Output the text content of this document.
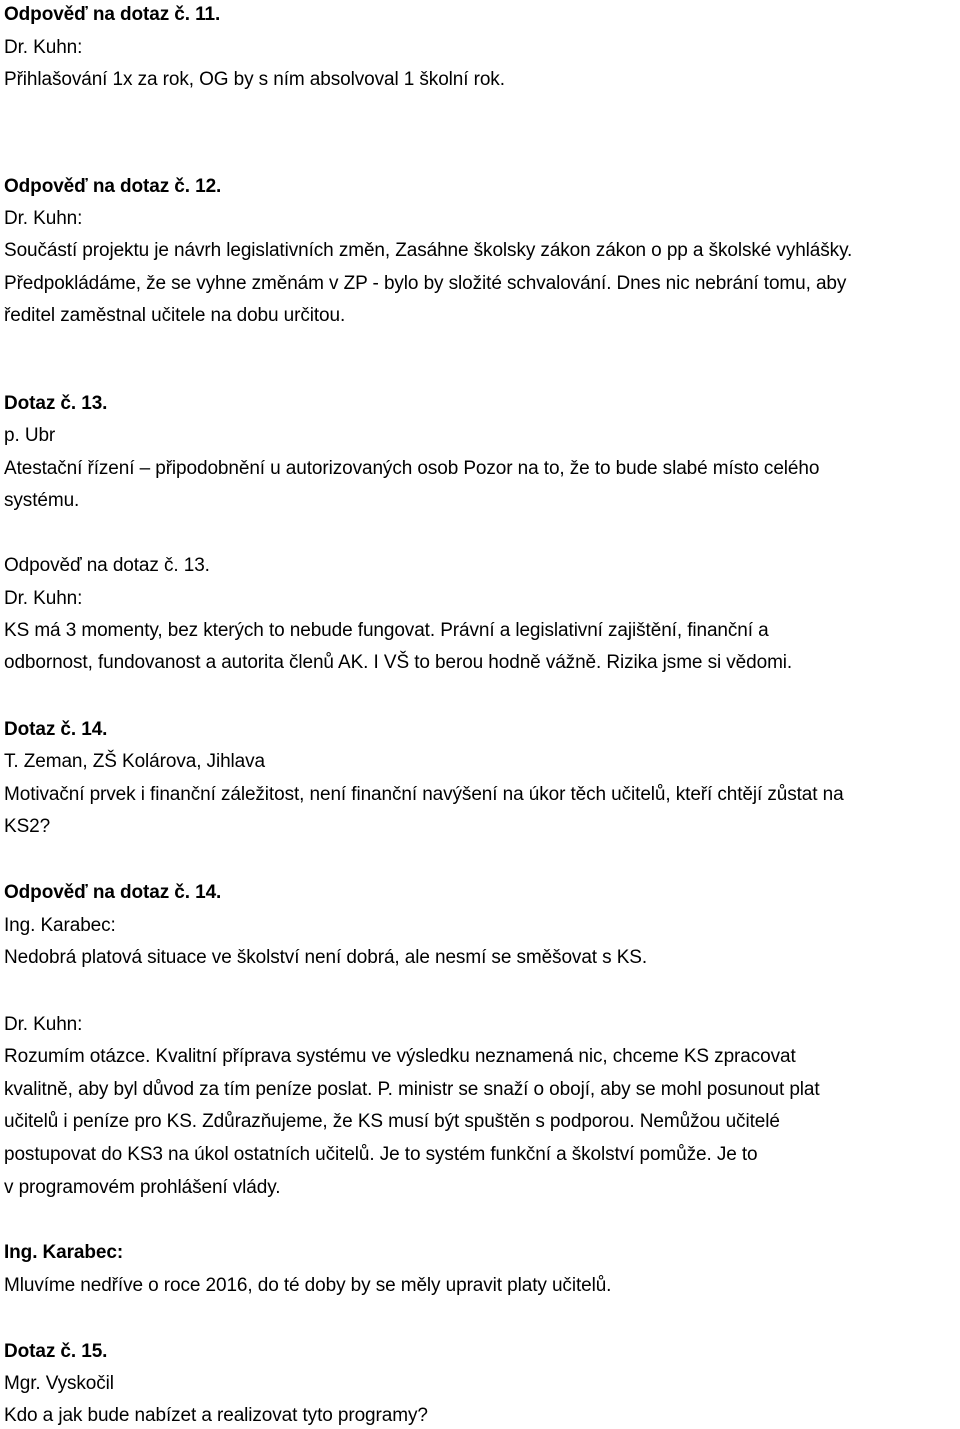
Odpověď na dotaz č. 11.
Dr. Kuhn:
Přihlašování 1x za rok, OG by s ním absolvoval 1 školní rok.
Odpověď na dotaz č. 12.
Dr. Kuhn:
Součástí projektu je návrh legislativních změn, Zasáhne školsky zákon zákon o pp a školské vyhlášky.
Předpokládáme, že se vyhne změnám v ZP - bylo by složité schvalování. Dnes nic nebrání tomu, aby
ředitel zaměstnal učitele na dobu určitou.
Dotaz č. 13.
p. Ubr
Atestační řízení – připodobnění u autorizovaných osob Pozor na to, že to bude slabé místo celého
systému.
Odpověď na dotaz č. 13.
Dr. Kuhn:
KS má 3 momenty, bez kterých to nebude fungovat. Právní a legislativní zajištění, finanční a
odbornost, fundovanost a autorita členů AK. I VŠ to berou hodně vážně. Rizika jsme si vědomi.
Dotaz č. 14.
T. Zeman, ZŠ Kolárova, Jihlava
Motivační prvek i finanční záležitost, není finanční navýšení na úkor těch učitelů, kteří chtějí zůstat na
KS2?
Odpověď na dotaz č. 14.
Ing. Karabec:
Nedobrá platová situace ve školství není dobrá, ale nesmí se směšovat s KS.
Dr. Kuhn:
Rozumím otázce. Kvalitní příprava systému ve výsledku neznamená nic, chceme KS zpracovat
kvalitně, aby byl důvod za tím peníze poslat. P. ministr se snaží o obojí, aby se mohl posunout plat
učitelů i peníze pro KS. Zdůrazňujeme, že KS musí být spuštěn s podporou. Nemůžou učitelé
postupovat do KS3 na úkol ostatních učitelů. Je to systém funkční a školství pomůže. Je to
v programovém prohlášení vlády.
Ing. Karabec:
Mluvíme nedříve o roce 2016, do té doby by se měly upravit platy učitelů.
Dotaz č. 15.
Mgr. Vyskočil
Kdo a jak bude nabízet a realizovat tyto programy?
